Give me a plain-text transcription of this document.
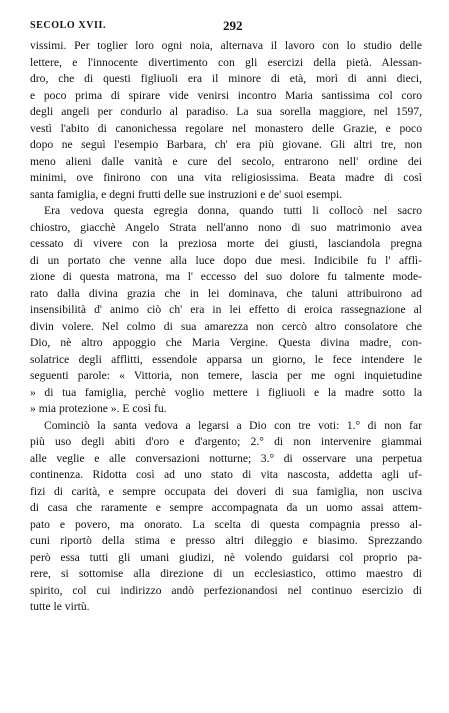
SECOLO XVII.	292
vissimi. Per toglier loro ogni noia, alternava il lavoro con lo studio delle
lettere, e l'innocente divertimento con gli esercizi della pietà. Alessan-
dro, che di questi figliuoli era il minore di età, morì di anni dieci,
e poco prima di spirare vide venirsi incontro Maria santissima col coro
degli angeli per condurlo al paradiso. La sua sorella maggiore, nel 1597,
vestì l'abito di canonichessa regolare nel monastero delle Grazie, e poco
dopo ne seguì l'esempio Barbara, ch' era più giovane. Gli altri tre, non
meno alieni dalle vanità e cure del secolo, entrarono nell' ordine dei
minimi, ove finirono con una vita religiosissima. Beata madre di così
santa famiglia, e degni frutti delle sue instruzioni e de' suoi esempi.
Era vedova questa egregia donna, quando tutti li collocò nel sacro
chiostro, giacchè Angelo Strata nell'anno nono di suo matrimonio avea
cessato di vivere con la preziosa morte dei giusti, lasciandola pregna
di un portato che venne alla luce dopo due mesi. Indicibile fu l' afflì-
zione di questa matrona, ma l' eccesso del suo dolore fu talmente mode-
rato dalla divina grazia che in lei dominava, che taluni attribuirono ad
insensibilità d' animo ciò ch' era in lei effetto di eroica rassegnazione al
divin volere. Nel colmo di sua amarezza non cercò altro consolatore che
Dio, nè altro appoggio che Maria Vergine. Questa divina madre, con-
solatrice degli afflitti, essendole apparsa un giorno, le fece intendere le
seguenti parole: « Vittoria, non temere, lascia per me ogni inquietudine
» di tua famiglia, perchè voglio mettere i figliuoli e la madre sotto la
» mia protezione ». E così fu.
Cominciò la santa vedova a legarsi a Dio con tre voti: 1.° di non far
più uso degli abiti d'oro e d'argento; 2.° di non intervenire giammai
alle veglie e alle conversazioni notturne; 3.° di osservare una perpetua
continenza. Ridotta così ad uno stato di vita nascosta, addetta agli uf-
fizi di carità, e sempre occupata dei doveri di sua famiglia, non usciva
di casa che raramente e sempre accompagnata da un uomo assai attem-
pato e povero, ma onorato. La scelta di questa compagnia presso al-
cuni riportò della stima e presso altri dileggio e biasimo. Sprezzando
però essa tutti gli umani giudizi, nè volendo guidarsi col proprio pa-
rere, si sottomise alla direzione di un ecclesiastico, ottimo maestro di
spirito, col cui indirizzo andò perfezionandosi nel continuo esercizio di
tutte le virtù.
